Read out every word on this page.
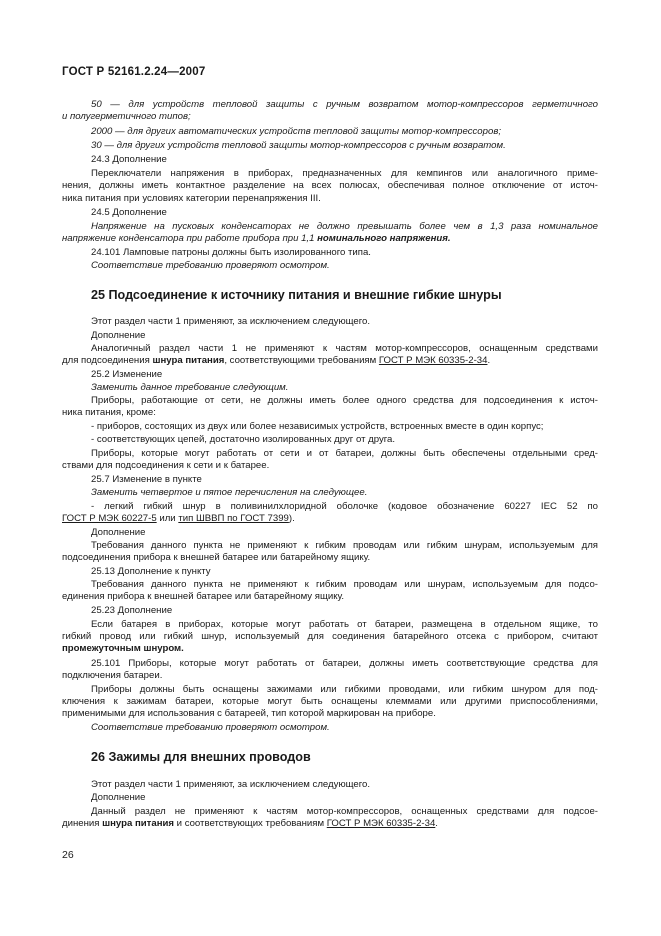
ГОСТ Р 52161.2.24—2007
50 — для устройств тепловой защиты с ручным возвратом мотор-компрессоров герметичного
и полугерметичного типов;
2000 — для других автоматических устройств тепловой защиты мотор-компрессоров;
30 — для других устройств тепловой защиты мотор-компрессоров с ручным возвратом.
24.3 Дополнение
Переключатели напряжения в приборах, предназначенных для кемпингов или аналогичного приме-
нения, должны иметь контактное разделение на всех полюсах, обеспечивая полное отключение от источ-
ника питания при условиях категории перенапряжения III.
24.5 Дополнение
Напряжение на пусковых конденсаторах не должно превышать более чем в 1,3 раза номинальное
напряжение конденсатора при работе прибора при 1,1 номинального напряжения.
24.101 Ламповые патроны должны быть изолированного типа.
Соответствие требованию проверяют осмотром.
25 Подсоединение к источнику питания и внешние гибкие шнуры
Этот раздел части 1 применяют, за исключением следующего.
Дополнение
Аналогичный раздел части 1 не применяют к частям мотор-компрессоров, оснащенным средствами
для подсоединения шнура питания, соответствующими требованиям ГОСТ Р МЭК 60335-2-34.
25.2 Изменение
Заменить данное требование следующим.
Приборы, работающие от сети, не должны иметь более одного средства для подсоединения к источ-
ника питания, кроме:
- приборов, состоящих из двух или более независимых устройств, встроенных вместе в один корпус;
- соответствующих цепей, достаточно изолированных друг от друга.
Приборы, которые могут работать от сети и от батареи, должны быть обеспечены отдельными сред-
ствами для подсоединения к сети и к батарее.
25.7 Изменение в пункте
Заменить четвертое и пятое перечисления на следующее.
- легкий гибкий шнур в поливинилхлоридной оболочке (кодовое обозначение 60227 IEC 52 по
ГОСТ Р МЭК 60227-5 или тип ШВВП по ГОСТ 7399).
Дополнение
Требования данного пункта не применяют к гибким проводам или гибким шнурам, используемым для
подсоединения прибора к внешней батарее или батарейному ящику.
25.13 Дополнение к пункту
Требования данного пункта не применяют к гибким проводам или шнурам, используемым для подсо-
единения прибора к внешней батарее или батарейному ящику.
25.23 Дополнение
Если батарея в приборах, которые могут работать от батареи, размещена в отдельном ящике, то
гибкий провод или гибкий шнур, используемый для соединения батарейного отсека с прибором, считают
промежуточным шнуром.
25.101 Приборы, которые могут работать от батареи, должны иметь соответствующие средства для
подключения батареи.
Приборы должны быть оснащены зажимами или гибкими проводами, или гибким шнуром для под-
ключения к зажимам батареи, которые могут быть оснащены клеммами или другими приспособлениями,
применимыми для использования с батареей, тип которой маркирован на приборе.
Соответствие требованию проверяют осмотром.
26 Зажимы для внешних проводов
Этот раздел части 1 применяют, за исключением следующего.
Дополнение
Данный раздел не применяют к частям мотор-компрессоров, оснащенных средствами для подсое-
динения шнура питания и соответствующих требованиям ГОСТ Р МЭК 60335-2-34.
26
